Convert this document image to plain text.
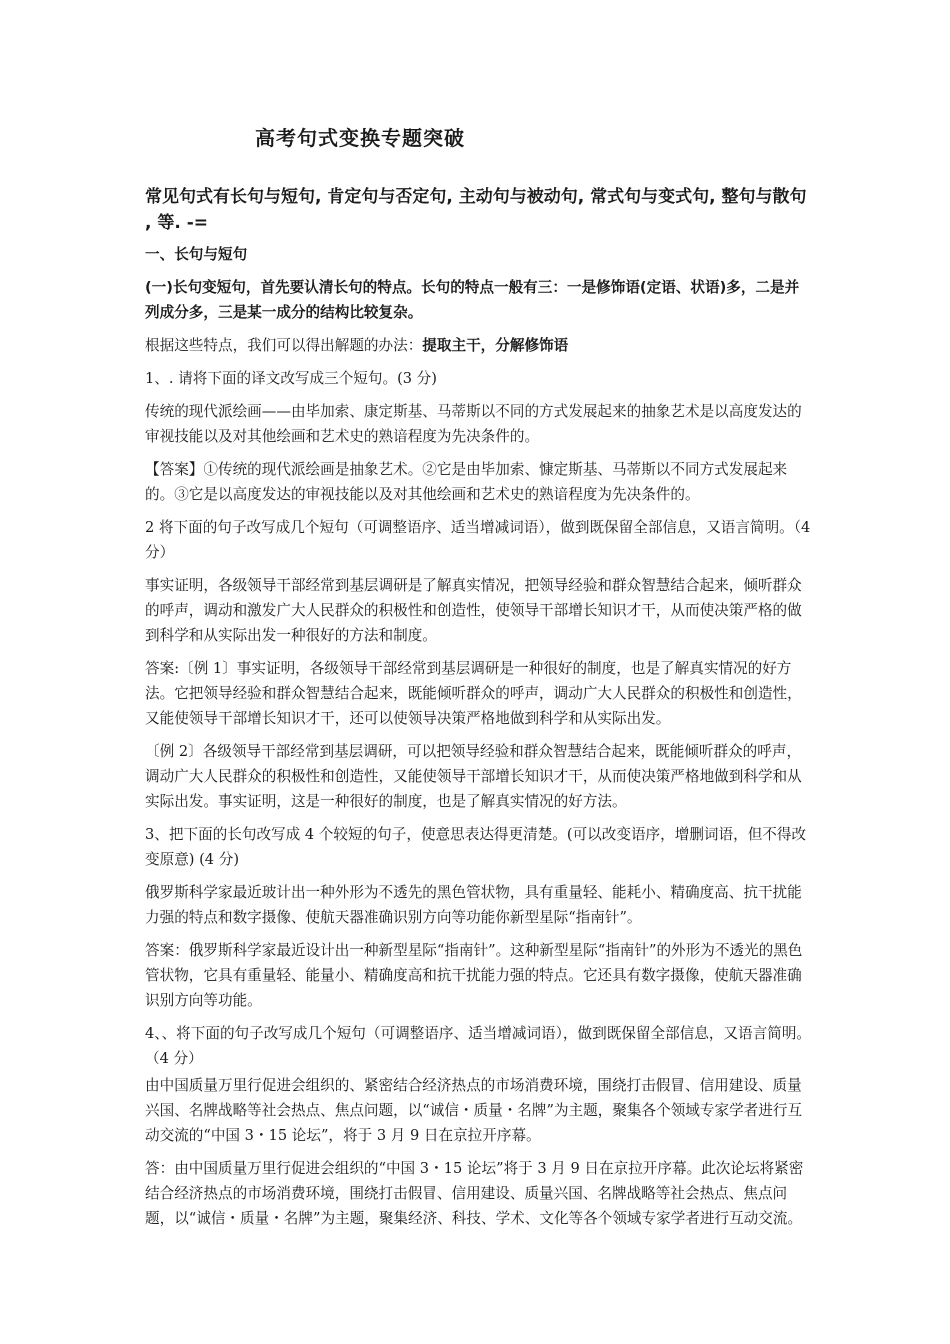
高考句式变换专题突破

常见句式有长句与短句, 肯定句与否定句, 主动句与被动句, 常式句与变式句, 整句与散句 , 等. -=

一、长句与短句

(一)长句变短句，首先要认清长句的特点。长句的特点一般有三：一是修饰语(定语、状语)多，二是并列成分多，三是某一成分的结构比较复杂。

根据这些特点，我们可以得出解题的办法：提取主干，分解修饰语

1、. 请将下面的译文改写成三个短句。(3 分)

传统的现代派绘画——由毕加索、康定斯基、马蒂斯以不同的方式发展起来的抽象艺术是以高度发达的审视技能以及对其他绘画和艺术史的熟谙程度为先决条件的。

【答案】①传统的现代派绘画是抽象艺术。②它是由毕加索、慷定斯基、马蒂斯以不同方式发展起来的。③它是以高度发达的审视技能以及对其他绘画和艺术史的熟谙程度为先决条件的。

2 将下面的句子改写成几个短句（可调整语序、适当增减词语），做到既保留全部信息，又语言简明。（4 分）

事实证明，各级领导干部经常到基层调研是了解真实情况，把领导经验和群众智慧结合起来，倾听群众的呼声，调动和激发广大人民群众的积极性和创造性，使领导干部增长知识才干，从而使决策严格的做到科学和从实际出发一种很好的方法和制度。

答案:〔例 1〕事实证明，各级领导干部经常到基层调研是一种很好的制度，也是了解真实情况的好方法。它把领导经验和群众智慧结合起来，既能倾听群众的呼声，调动广大人民群众的积极性和创造性，又能使领导干部增长知识才干，还可以使领导决策严格地做到科学和从实际出发。

〔例 2〕各级领导干部经常到基层调研，可以把领导经验和群众智慧结合起来，既能倾听群众的呼声，调动广大人民群众的积极性和创造性，又能使领导干部增长知识才干，从而使决策严格地做到科学和从实际出发。事实证明，这是一种很好的制度，也是了解真实情况的好方法。

3、把下面的长句改写成 4 个较短的句子，使意思表达得更清楚。(可以改变语序，增删词语，但不得改变原意) (4 分)

俄罗斯科学家最近玻计出一种外形为不透先的黑色管状物，具有重量轻、能耗小、精确度高、抗干扰能力强的特点和数字摄像、使航天器准确识别方向等功能你新型星际“指南针”。

答案：俄罗斯科学家最近设计出一种新型星际“指南针”。这种新型星际“指南针”的外形为不透光的黑色管状物，它具有重量轻、能量小、精确度高和抗干扰能力强的特点。它还具有数字摄像，使航天器准确识别方向等功能。

4、、将下面的句子改写成几个短句（可调整语序、适当增减词语），做到既保留全部信息，又语言简明。（4 分）

由中国质量万里行促进会组织的、紧密结合经济热点的市场消费环境，围绕打击假冒、信用建设、质量兴国、名牌战略等社会热点、焦点问题，以“诚信・质量・名牌”为主题，聚集各个领域专家学者进行互动交流的“中国 3・15 论坛”，将于 3 月 9 日在京拉开序幕。

答：由中国质量万里行促进会组织的“中国 3・15 论坛”将于 3 月 9 日在京拉开序幕。此次论坛将紧密结合经济热点的市场消费环境，围绕打击假冒、信用建设、质量兴国、名牌战略等社会热点、焦点问题，以“诚信・质量・名牌”为主题，聚集经济、科技、学术、文化等各个领域专家学者进行互动交流。
